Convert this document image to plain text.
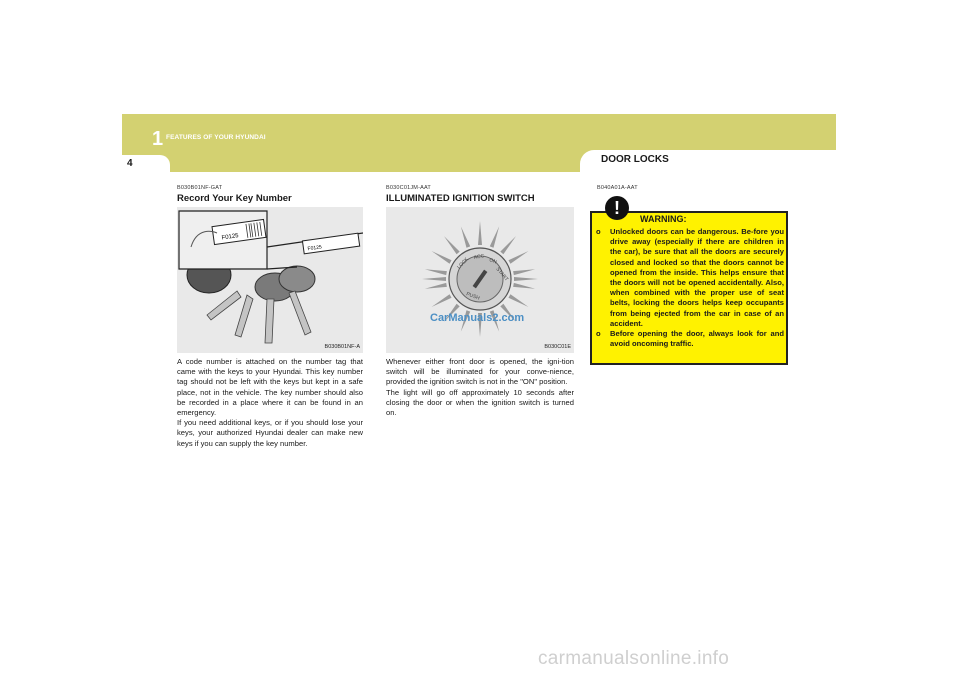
1 FEATURES OF YOUR HYUNDAI
4	DOOR LOCKS
B030B01NF-GAT
Record Your Key Number
F0125
F0125
B030B01NF-A

A code number is attached on the number tag that came with the keys to your Hyundai. This key number tag should not be left with the keys but kept in a safe place, not in the vehicle. The key number should also be recorded in a place where it can be found in an emergency.

If you need additional keys, or if you should lose your keys, your authorized Hyundai dealer can make new keys if you can supply the key number.

B030C01JM-AAT
ILLUMINATED IGNITION SWITCH
LOCK ACC
ON
START
PUSH
B030C01E
CarManuals2.com

Whenever either front door is opened, the igni-tion switch will be illuminated for your conve-nience, provided the ignition switch is not in the "ON" position.

The light will go off approximately 10 seconds after closing the door or when the ignition switch is turned on.

B040A01A-AAT
!
WARNING:
o Unlocked doors can be dangerous. Be-fore you drive away (especially if there are children in the car), be sure that all the doors are securely closed and locked so that the doors cannot be opened from the inside. This helps ensure that the doors will not be opened accidentally. Also, when combined with the proper use of seat belts, locking the doors helps keep occupants from being ejected from the car in case of an accident.
o Before opening the door, always look for and avoid oncoming traffic.
carmanualsonline.info
